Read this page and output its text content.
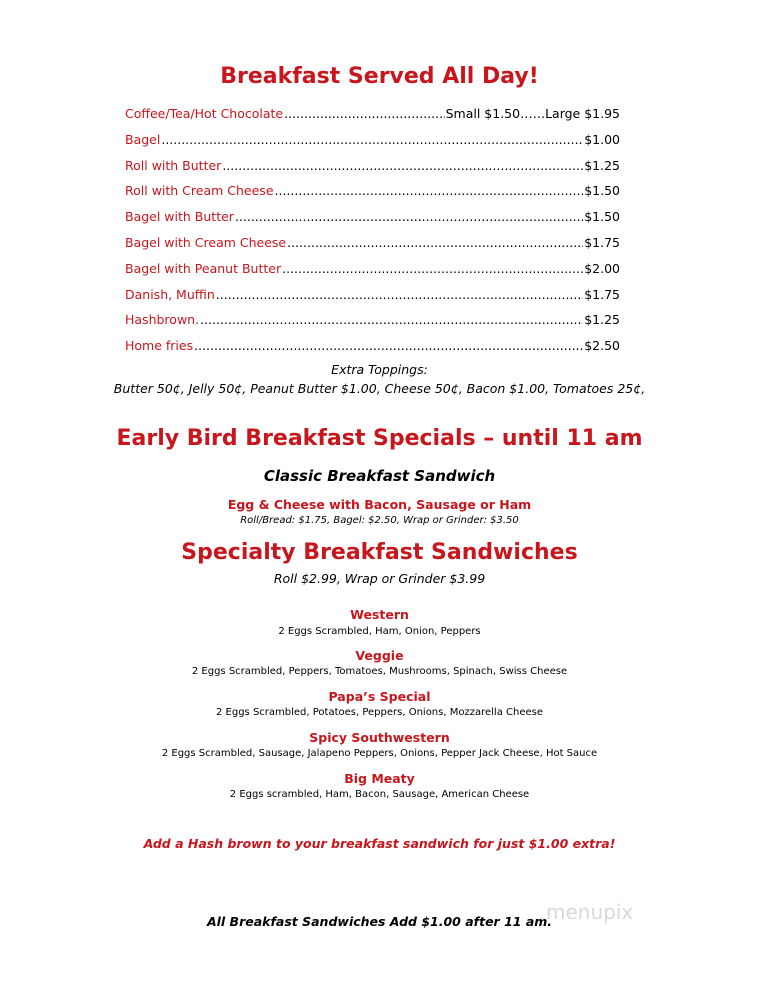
Breakfast Served All Day!
Coffee/Tea/Hot Chocolate .....	Small $1.50……Large $1.95
Bagel .....	$1.00
Roll with Butter .....	$1.25
Roll with Cream Cheese .....	$1.50
Bagel with Butter .....	$1.50
Bagel with Cream Cheese .....	$1.75
Bagel with Peanut Butter .....	$2.00
Danish, Muffin .....	$1.75
Hashbrown. .....	$1.25
Home fries .....	$2.50
Extra Toppings:
Butter 50¢, Jelly 50¢, Peanut Butter $1.00, Cheese 50¢, Bacon $1.00, Tomatoes 25¢,
Early Bird Breakfast Specials – until 11 am
Classic Breakfast Sandwich
Egg & Cheese with Bacon, Sausage or Ham
Roll/Bread: $1.75, Bagel: $2.50, Wrap or Grinder: $3.50
Specialty Breakfast Sandwiches
Roll $2.99, Wrap or Grinder $3.99
Western
2 Eggs Scrambled, Ham, Onion, Peppers
Veggie
2 Eggs Scrambled, Peppers, Tomatoes, Mushrooms, Spinach, Swiss Cheese
Papa’s Special
2 Eggs Scrambled, Potatoes, Peppers, Onions, Mozzarella Cheese
Spicy Southwestern
2 Eggs Scrambled, Sausage, Jalapeno Peppers, Onions, Pepper Jack Cheese, Hot Sauce
Big Meaty
2 Eggs scrambled, Ham, Bacon, Sausage, American Cheese
Add a Hash brown to your breakfast sandwich for just $1.00 extra!
menupix
All Breakfast Sandwiches Add $1.00 after 11 am.
